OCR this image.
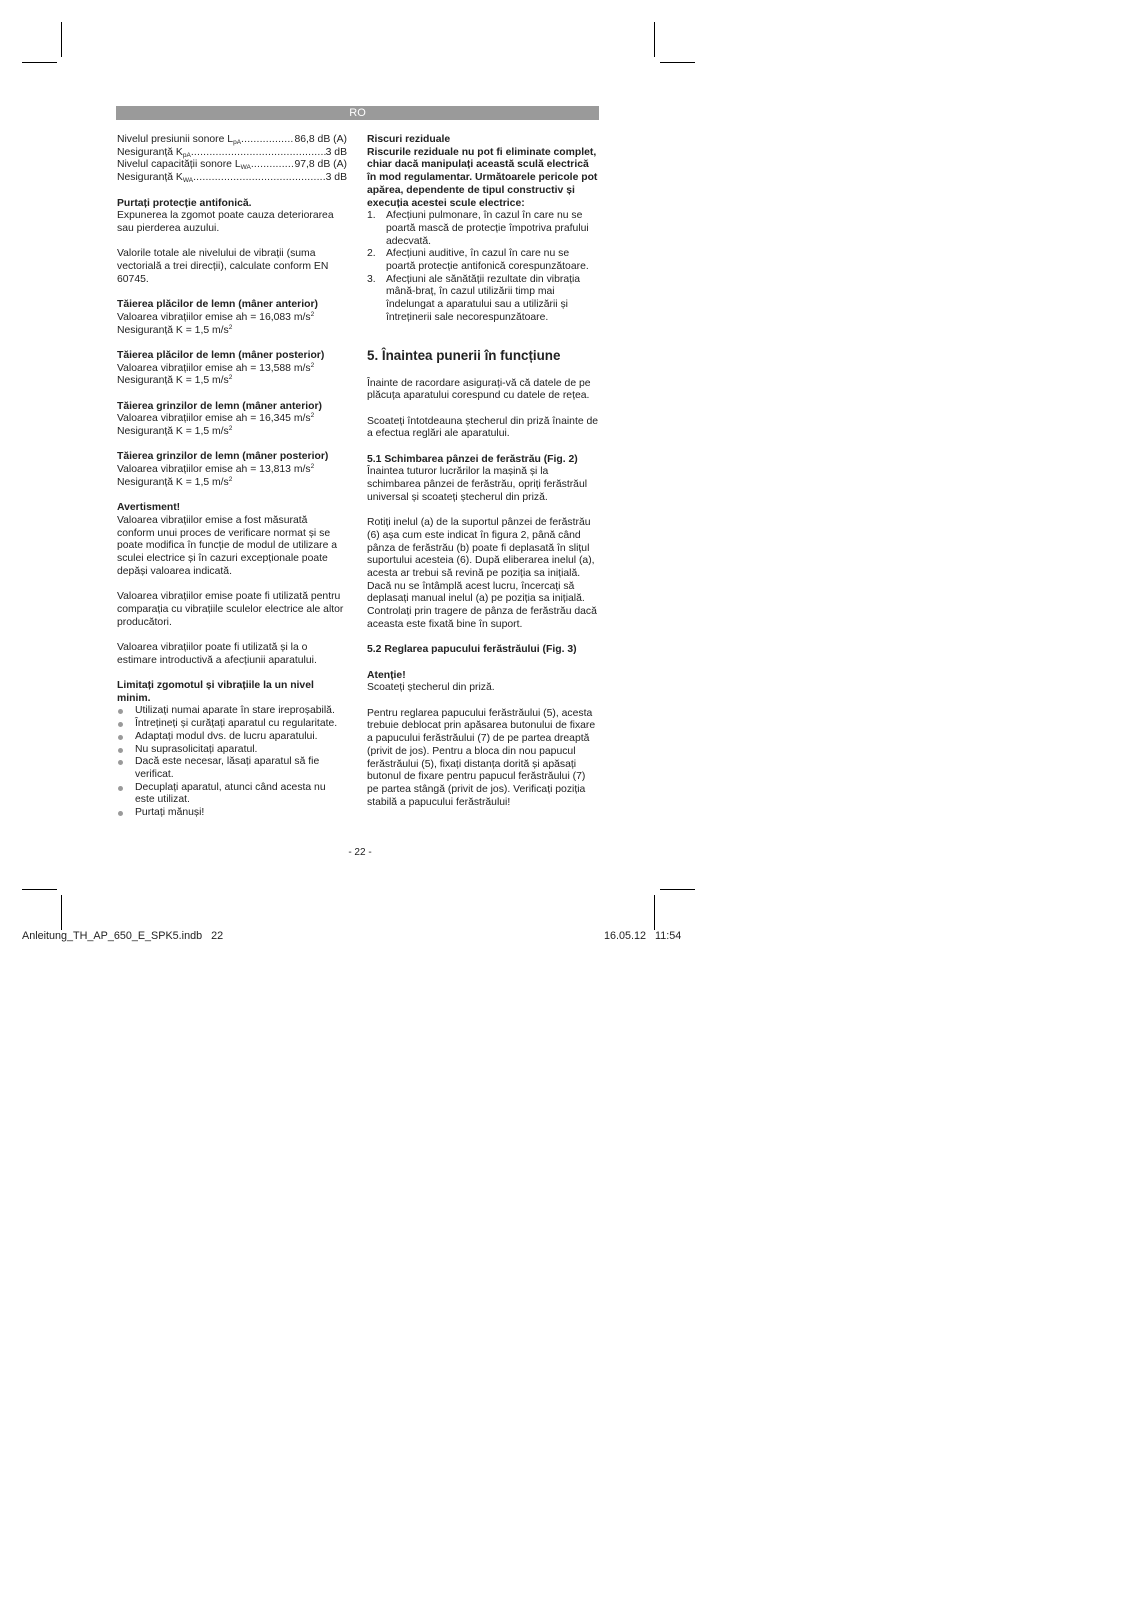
RO
Nivelul presiunii sonore $L_{pA}$ .....	86,8 dB (A)
Nesiguranță $K_{pA}$ .....	3 dB
Nivelul capacității sonore $L_{WA}$ .....	97,8 dB (A)
Nesiguranță $K_{WA}$ .....	3 dB

Purtați protecție antifonică.

Expunerea la zgomot poate cauza deteriorarea sau pierderea auzului.

Valorile totale ale nivelului de vibrații (suma vectorială a trei direcții), calculate conform EN 60745.

Tăierea plăcilor de lemn (mâner anterior)

Valoarea vibrațiilor emise ah = 16,083 $m/s^2$

Nesiguranță K = 1,5 $m/s^2$

Tăierea plăcilor de lemn (mâner posterior)

Valoarea vibrațiilor emise ah = 13,588 $m/s^2$

Nesiguranță K = 1,5 $m/s^2$

Tăierea grinzilor de lemn (mâner anterior)

Valoarea vibrațiilor emise ah = 16,345 $m/s^2$

Nesiguranță K = 1,5 $m/s^2$

Tăierea grinzilor de lemn (mâner posterior)

Valoarea vibrațiilor emise ah = 13,813 $m/s^2$

Nesiguranță K = 1,5 $m/s^2$

Avertisment!

Valoarea vibrațiilor emise a fost măsurată conform unui proces de verificare normat și se poate modifica în funcție de modul de utilizare a sculei electrice și în cazuri excepționale poate depăși valoarea indicată.

Valoarea vibrațiilor emise poate fi utilizată pentru comparația cu vibrațiile sculelor electrice ale altor producători.

Valoarea vibrațiilor poate fi utilizată și la o estimare introductivă a afecțiunii aparatului.

Limitați zgomotul și vibrațiile la un nivel minim.

Utilizați numai aparate în stare ireproșabilă.
Întrețineți și curățați aparatul cu regularitate.
Adaptați modul dvs. de lucru aparatului.
Nu suprasolicitați aparatul.
Dacă este necesar, lăsați aparatul să fie verificat.
Decuplați aparatul, atunci când acesta nu este utilizat.
Purtați mănuși!

Riscuri reziduale

Riscurile reziduale nu pot fi eliminate complet, chiar dacă manipulați această sculă electrică în mod regulamentar. Următoarele pericole pot apărea, dependente de tipul constructiv și execuția acestei scule electrice:

1. Afecțiuni pulmonare, în cazul în care nu se poartă mască de protecție împotriva prafului adecvată.
2. Afecțiuni auditive, în cazul în care nu se poartă protecție antifonică corespunzătoare.
3. Afecțiuni ale sănătății rezultate din vibrația mână-braț, în cazul utilizării timp mai îndelungat a aparatului sau a utilizării și întreținerii sale necorespunzătoare.

5. Înaintea punerii în funcțiune

Înainte de racordare asigurați-vă că datele de pe plăcuța aparatului corespund cu datele de rețea.

Scoateți întotdeauna ștecherul din priză înainte de a efectua reglări ale aparatului.

5.1 Schimbarea pânzei de ferăstrău (Fig. 2)

Înaintea tuturor lucrărilor la mașină și la schimbarea pânzei de ferăstrău, opriți ferăstrăul universal și scoateți ștecherul din priză.

Rotiți inelul (a) de la suportul pânzei de ferăstrău (6) așa cum este indicat în figura 2, până când pânza de ferăstrău (b) poate fi deplasată în slițul suportului acesteia (6). După eliberarea inelul (a), acesta ar trebui să revină pe poziția sa inițială. Dacă nu se întâmplă acest lucru, încercați să deplasați manual inelul (a) pe poziția sa inițială. Controlați prin tragere de pânza de ferăstrău dacă aceasta este fixată bine în suport.

5.2 Reglarea papucului ferăstrăului (Fig. 3)

Atenție!

Scoateți ștecherul din priză.

Pentru reglarea papucului ferăstrăului (5), acesta trebuie deblocat prin apăsarea butonului de fixare a papucului ferăstrăului (7) de pe partea dreaptă (privit de jos). Pentru a bloca din nou papucul ferăstrăului (5), fixați distanța dorită și apăsați butonul de fixare pentru papucul ferăstrăului (7) pe partea stângă (privit de jos). Verificați poziția stabilă a papucului ferăstrăului!

- 22 -
Anleitung_TH_AP_650_E_SPK5.indb   22	16.05.12   11:54
